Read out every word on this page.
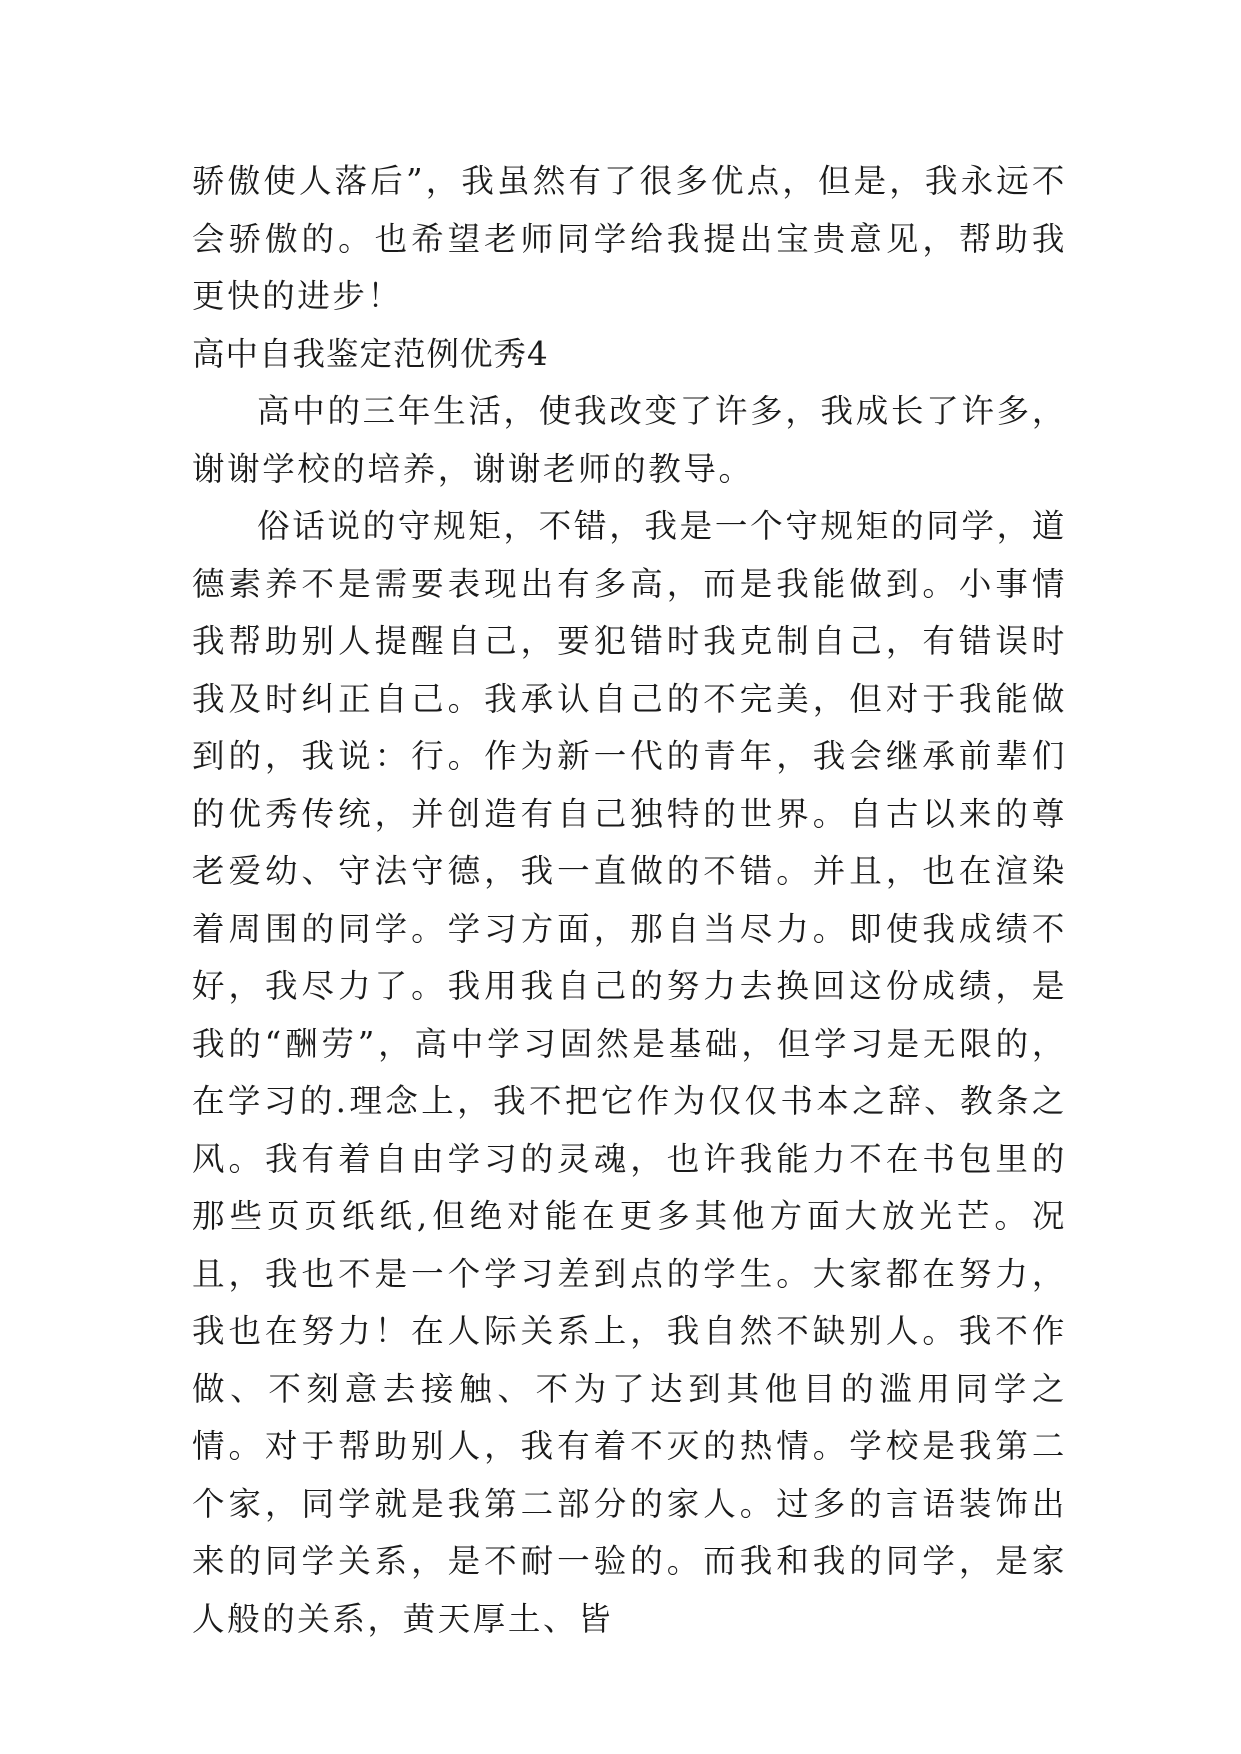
骄傲使人落后”，我虽然有了很多优点，但是，我永远不会骄傲的。也希望老师同学给我提出宝贵意见，帮助我更快的进步！

高中自我鉴定范例优秀4

高中的三年生活，使我改变了许多，我成长了许多，谢谢学校的培养，谢谢老师的教导。

俗话说的守规矩，不错，我是一个守规矩的同学，道德素养不是需要表现出有多高，而是我能做到。小事情我帮助别人提醒自己，要犯错时我克制自己，有错误时我及时纠正自己。我承认自己的不完美，但对于我能做到的，我说：行。作为新一代的青年，我会继承前辈们的优秀传统，并创造有自己独特的世界。自古以来的尊老爱幼、守法守德，我一直做的不错。并且，也在渲染着周围的同学。学习方面，那自当尽力。即使我成绩不好，我尽力了。我用我自己的努力去换回这份成绩，是我的“酬劳”，高中学习固然是基础，但学习是无限的，在学习的.理念上，我不把它作为仅仅书本之辞、教条之风。我有着自由学习的灵魂，也许我能力不在书包里的那些页页纸纸,但绝对能在更多其他方面大放光芒。况且，我也不是一个学习差到点的学生。大家都在努力，我也在努力！在人际关系上，我自然不缺别人。我不作做、不刻意去接触、不为了达到其他目的滥用同学之情。对于帮助别人，我有着不灭的热情。学校是我第二个家，同学就是我第二部分的家人。过多的言语装饰出来的同学关系，是不耐一验的。而我和我的同学，是家人般的关系，黄天厚土、皆
